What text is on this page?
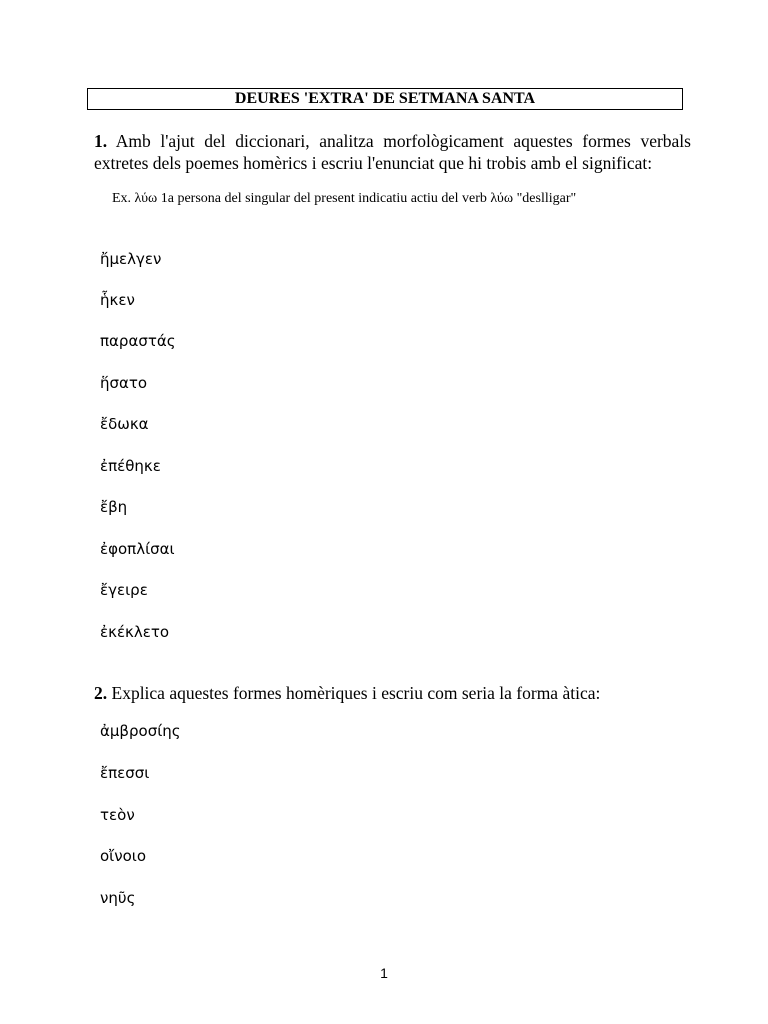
DEURES 'EXTRA' DE SETMANA SANTA
1. Amb l'ajut del diccionari, analitza morfològicament aquestes formes verbals extretes dels poemes homèrics i escriu l'enunciat que hi trobis amb el significat:
Ex. λύω 1a persona del singular del present indicatiu actiu del verb λύω "deslligar"
ἤμελγεν
ἧκεν
παραστάς
ἥσατο
ἔδωκα
ἐπέθηκε
ἔβη
ἐφοπλίσαι
ἔγειρε
ἐκέκλετο
2. Explica aquestes formes homèriques i escriu com seria la forma àtica:
ἀμβροσίης
ἔπεσσι
τεὸν
οἴνοιο
νηῦς
1
